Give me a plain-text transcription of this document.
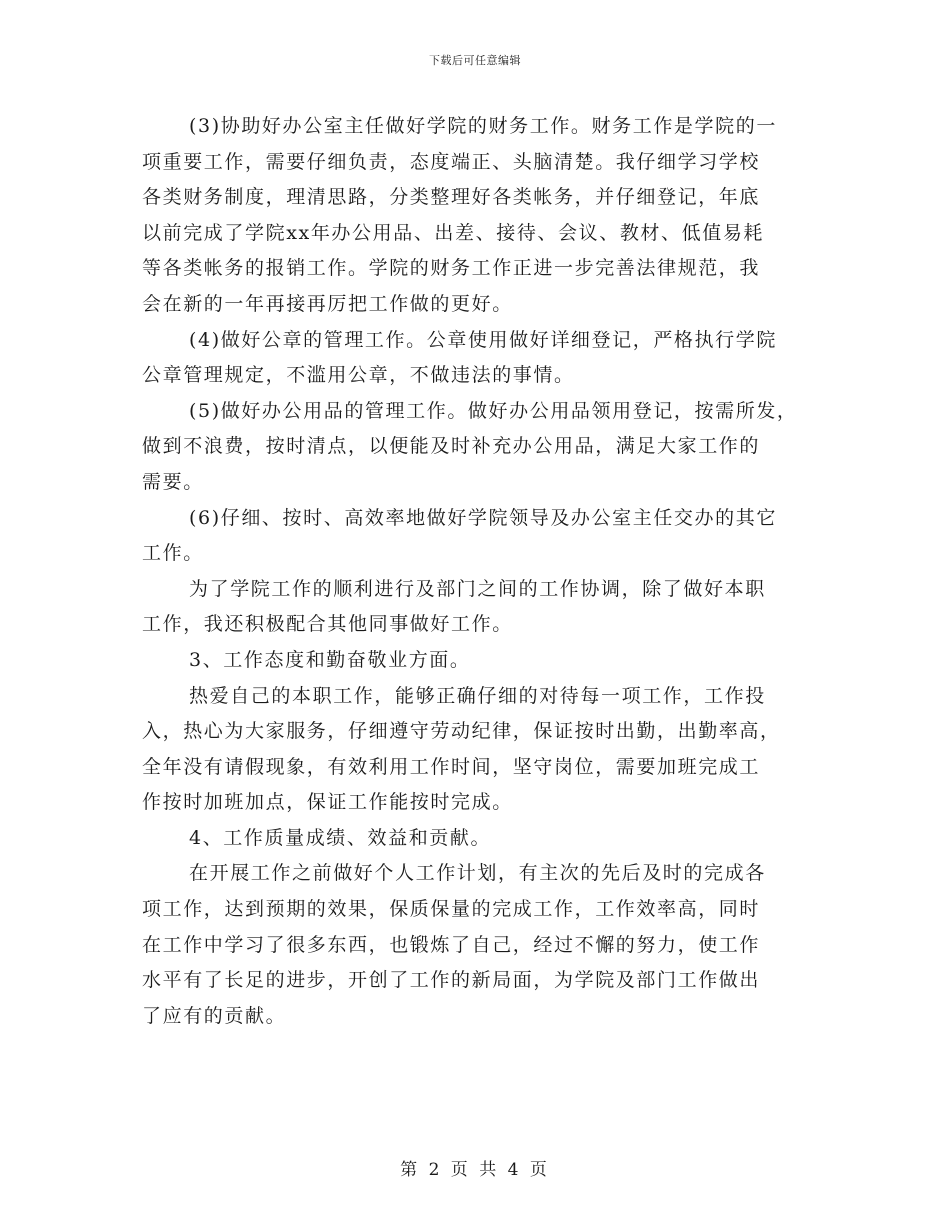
下载后可任意编辑

(3)协助好办公室主任做好学院的财务工作。财务工作是学院的一

项重要工作，需要仔细负责，态度端正、头脑清楚。我仔细学习学校

各类财务制度，理清思路，分类整理好各类帐务，并仔细登记，年底

以前完成了学院xx年办公用品、出差、接待、会议、教材、低值易耗

等各类帐务的报销工作。学院的财务工作正进一步完善法律规范，我

会在新的一年再接再厉把工作做的更好。

(4)做好公章的管理工作。公章使用做好详细登记，严格执行学院

公章管理规定，不滥用公章，不做违法的事情。

(5)做好办公用品的管理工作。做好办公用品领用登记，按需所发，

做到不浪费，按时清点，以便能及时补充办公用品，满足大家工作的

需要。

(6)仔细、按时、高效率地做好学院领导及办公室主任交办的其它

工作。

为了学院工作的顺利进行及部门之间的工作协调，除了做好本职

工作，我还积极配合其他同事做好工作。

3、工作态度和勤奋敬业方面。

热爱自己的本职工作，能够正确仔细的对待每一项工作，工作投

入，热心为大家服务，仔细遵守劳动纪律，保证按时出勤，出勤率高，

全年没有请假现象，有效利用工作时间，坚守岗位，需要加班完成工

作按时加班加点，保证工作能按时完成。

4、工作质量成绩、效益和贡献。

在开展工作之前做好个人工作计划，有主次的先后及时的完成各

项工作，达到预期的效果，保质保量的完成工作，工作效率高，同时

在工作中学习了很多东西，也锻炼了自己，经过不懈的努力，使工作

水平有了长足的进步，开创了工作的新局面，为学院及部门工作做出

了应有的贡献。

第 2 页 共 4 页
